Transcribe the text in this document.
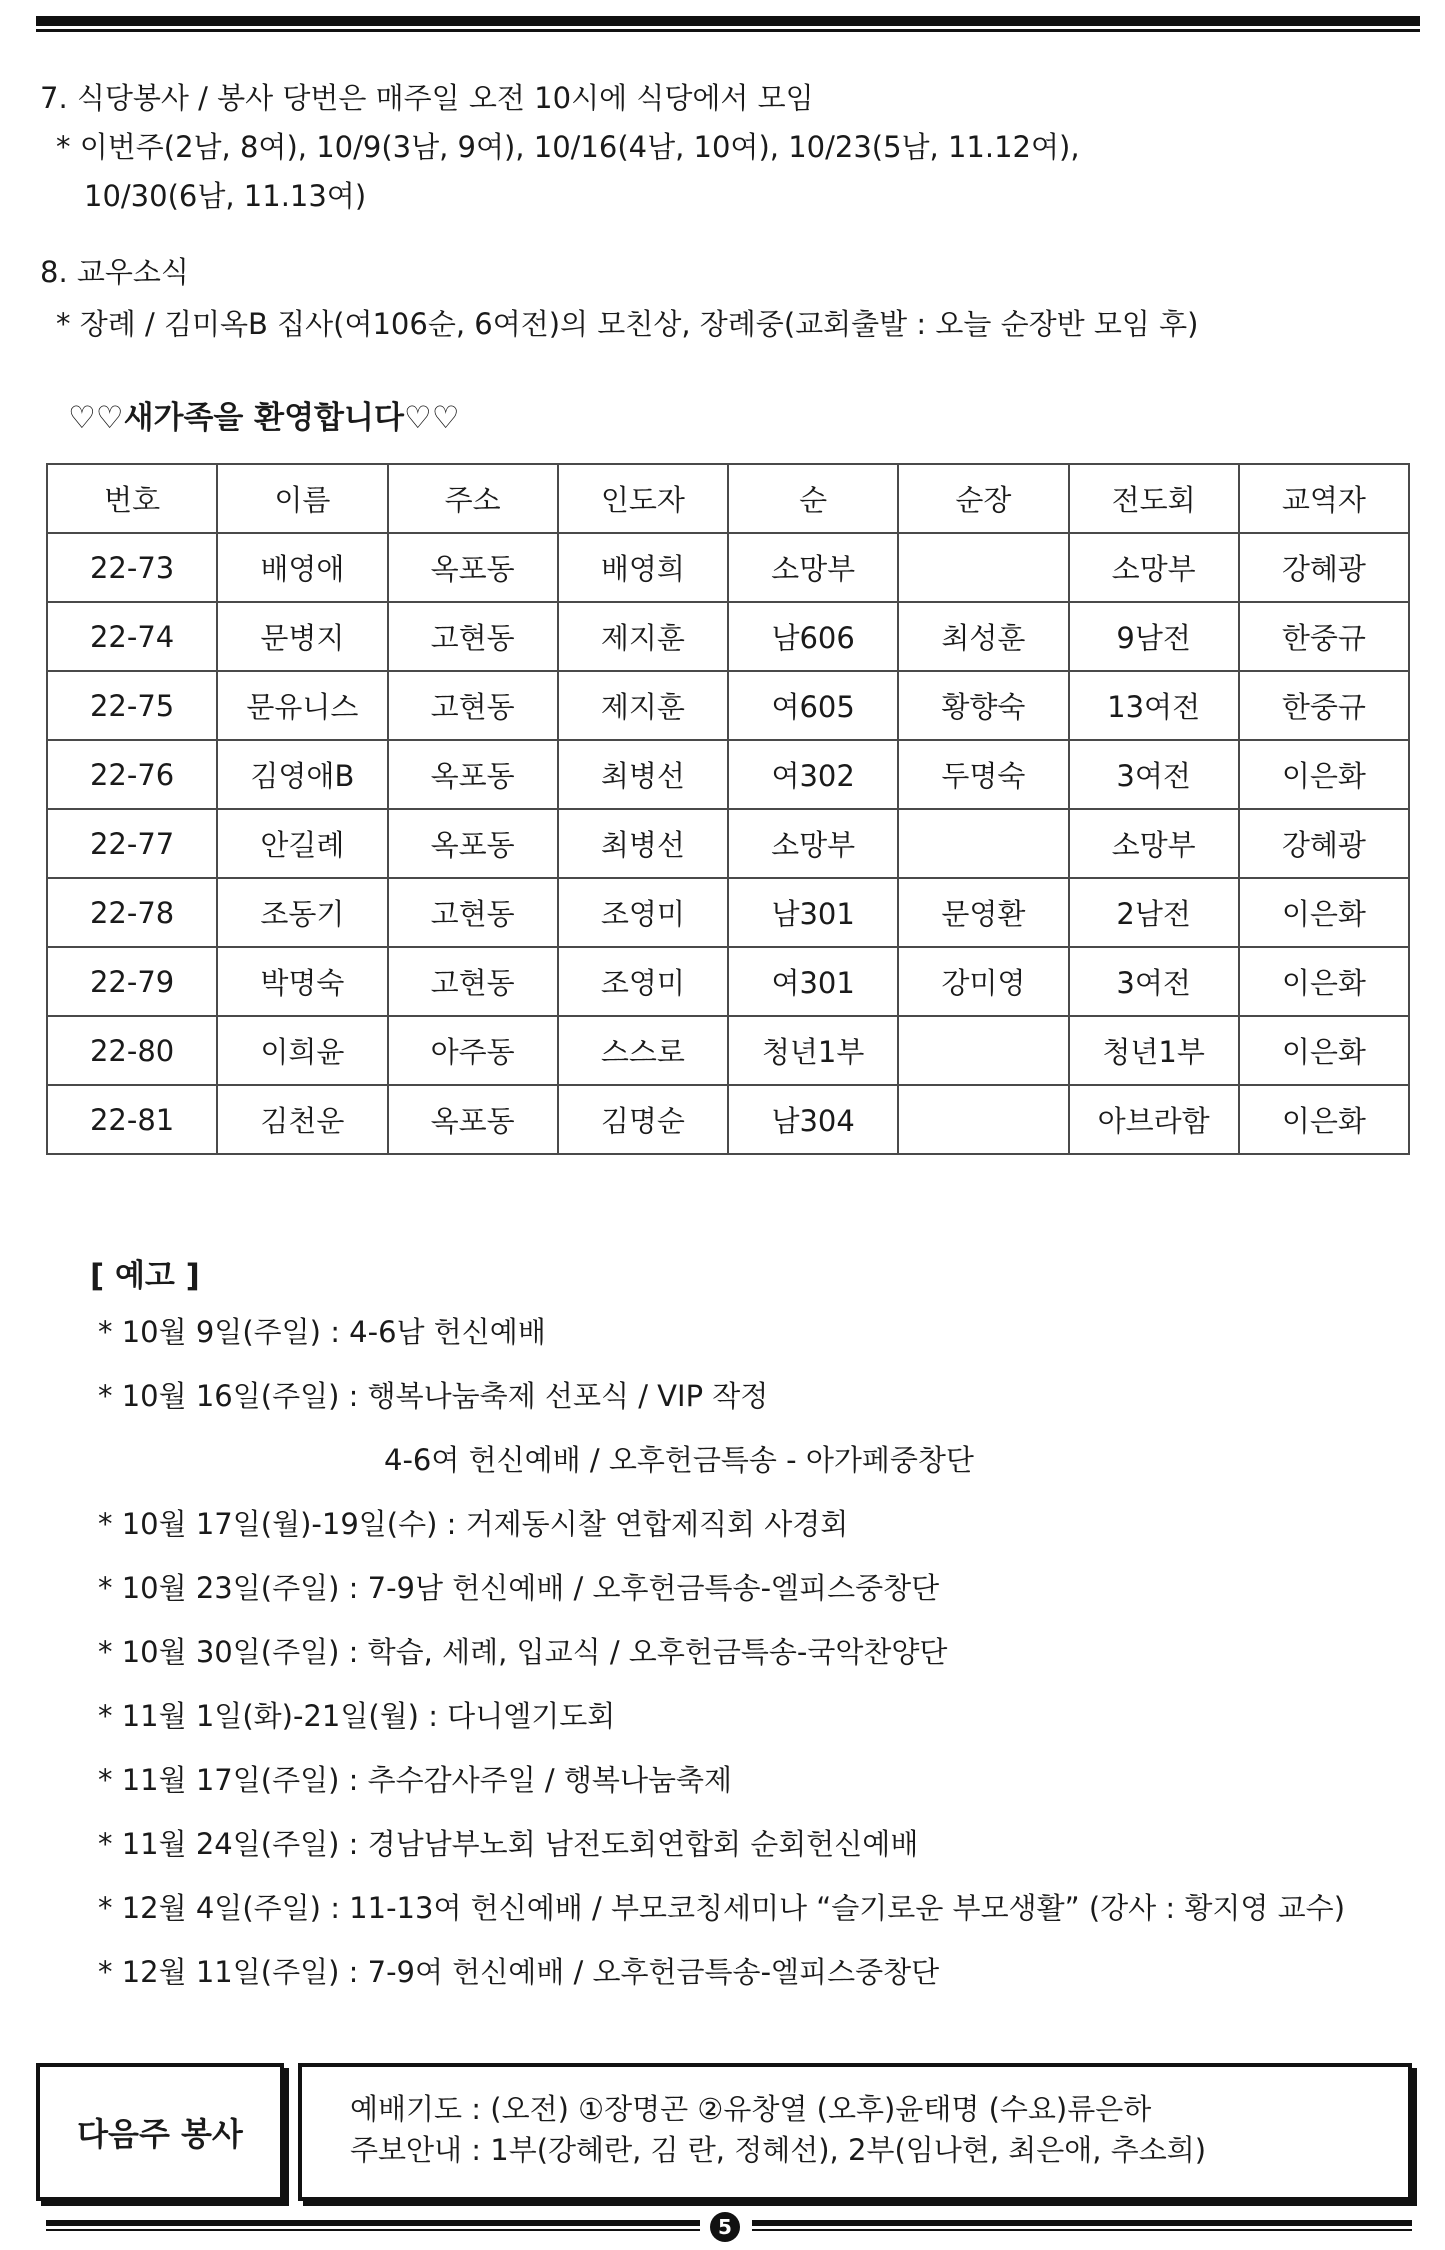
7. 식당봉사 / 봉사 당번은 매주일 오전 10시에 식당에서 모임
* 이번주(2남, 8여), 10/9(3남, 9여), 10/16(4남, 10여), 10/23(5남, 11.12여),
10/30(6남, 11.13여)
8. 교우소식
* 장례 / 김미옥B 집사(여106순, 6여전)의 모친상, 장례중(교회출발 : 오늘 순장반 모임 후)
♡♡새가족을 환영합니다♡♡
번호	이름	주소	인도자	순	순장	전도회	교역자
22-73	배영애	옥포동	배영희	소망부		소망부	강혜광
22-74	문병지	고현동	제지훈	남606	최성훈	9남전	한중규
22-75	문유니스	고현동	제지훈	여605	황향숙	13여전	한중규
22-76	김영애B	옥포동	최병선	여302	두명숙	3여전	이은화
22-77	안길례	옥포동	최병선	소망부		소망부	강혜광
22-78	조동기	고현동	조영미	남301	문영환	2남전	이은화
22-79	박명숙	고현동	조영미	여301	강미영	3여전	이은화
22-80	이희윤	아주동	스스로	청년1부		청년1부	이은화
22-81	김천운	옥포동	김명순	남304		아브라함	이은화
[ 예고 ]
* 10월 9일(주일) : 4-6남 헌신예배
* 10월 16일(주일) : 행복나눔축제 선포식 / VIP 작정
4-6여 헌신예배 / 오후헌금특송 - 아가페중창단
* 10월 17일(월)-19일(수) : 거제동시찰 연합제직회 사경회
* 10월 23일(주일) : 7-9남 헌신예배 / 오후헌금특송-엘피스중창단
* 10월 30일(주일) : 학습, 세례, 입교식 / 오후헌금특송-국악찬양단
* 11월 1일(화)-21일(월) : 다니엘기도회
* 11월 17일(주일) : 추수감사주일 / 행복나눔축제
* 11월 24일(주일) : 경남남부노회 남전도회연합회 순회헌신예배
* 12월 4일(주일) : 11-13여 헌신예배 / 부모코칭세미나 “슬기로운 부모생활” (강사 : 황지영 교수)
* 12월 11일(주일) : 7-9여 헌신예배 / 오후헌금특송-엘피스중창단
다음주 봉사
예배기도 : (오전) ①장명곤 ②유창열 (오후)윤태명 (수요)류은하
주보안내 : 1부(강혜란, 김 란, 정혜선), 2부(임나현, 최은애, 추소희)
5
